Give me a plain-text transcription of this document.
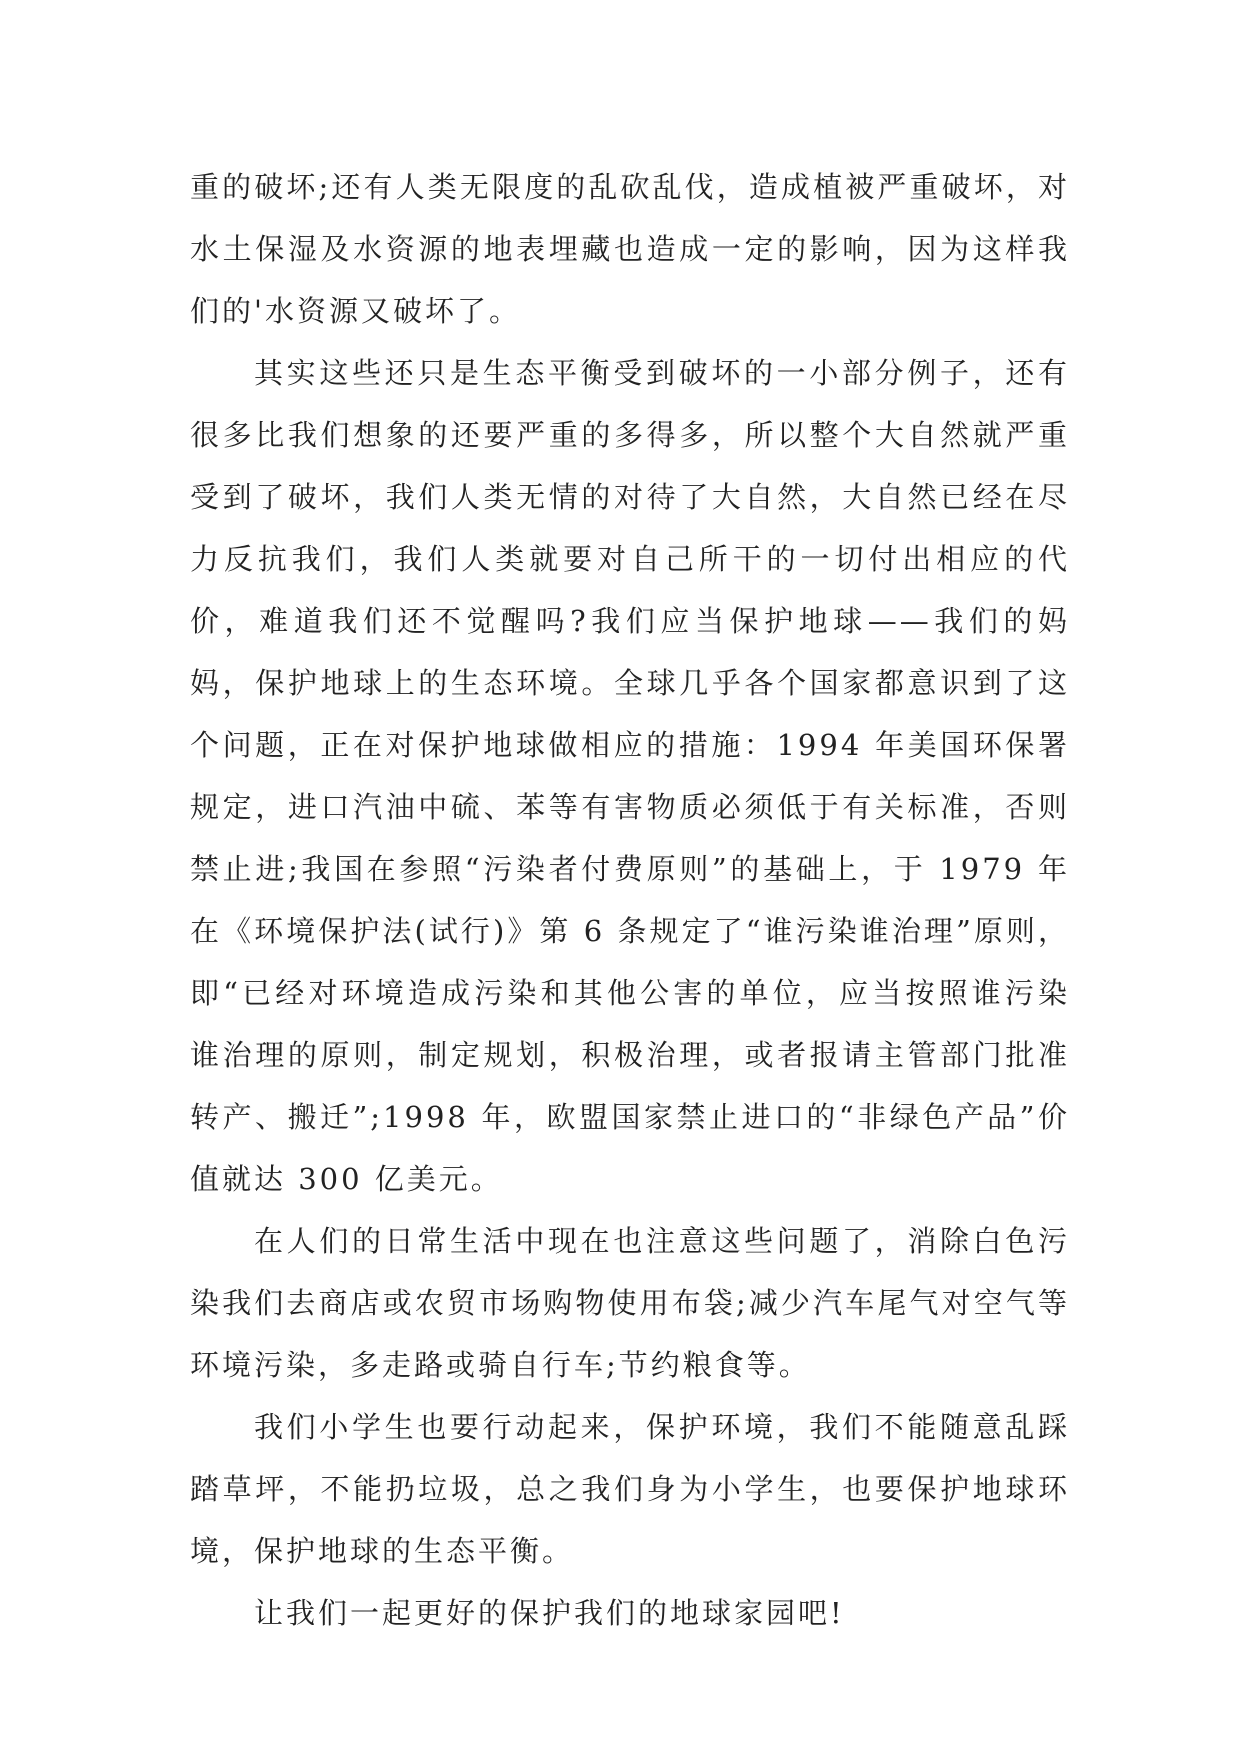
重的破坏;还有人类无限度的乱砍乱伐，造成植被严重破坏，对水土保湿及水资源的地表埋藏也造成一定的影响，因为这样我们的'水资源又破坏了。

其实这些还只是生态平衡受到破坏的一小部分例子，还有很多比我们想象的还要严重的多得多，所以整个大自然就严重受到了破坏，我们人类无情的对待了大自然，大自然已经在尽力反抗我们，我们人类就要对自己所干的一切付出相应的代价，难道我们还不觉醒吗?我们应当保护地球——我们的妈妈，保护地球上的生态环境。全球几乎各个国家都意识到了这个问题，正在对保护地球做相应的措施：1994 年美国环保署规定，进口汽油中硫、苯等有害物质必须低于有关标准，否则禁止进;我国在参照“污染者付费原则”的基础上，于 1979 年在《环境保护法(试行)》第 6 条规定了“谁污染谁治理”原则，即“已经对环境造成污染和其他公害的单位，应当按照谁污染谁治理的原则，制定规划，积极治理，或者报请主管部门批准转产、搬迁”;1998 年，欧盟国家禁止进口的“非绿色产品”价值就达 300 亿美元。

在人们的日常生活中现在也注意这些问题了，消除白色污染我们去商店或农贸市场购物使用布袋;减少汽车尾气对空气等环境污染，多走路或骑自行车;节约粮食等。

我们小学生也要行动起来，保护环境，我们不能随意乱踩踏草坪，不能扔垃圾，总之我们身为小学生，也要保护地球环境，保护地球的生态平衡。

让我们一起更好的保护我们的地球家园吧!
